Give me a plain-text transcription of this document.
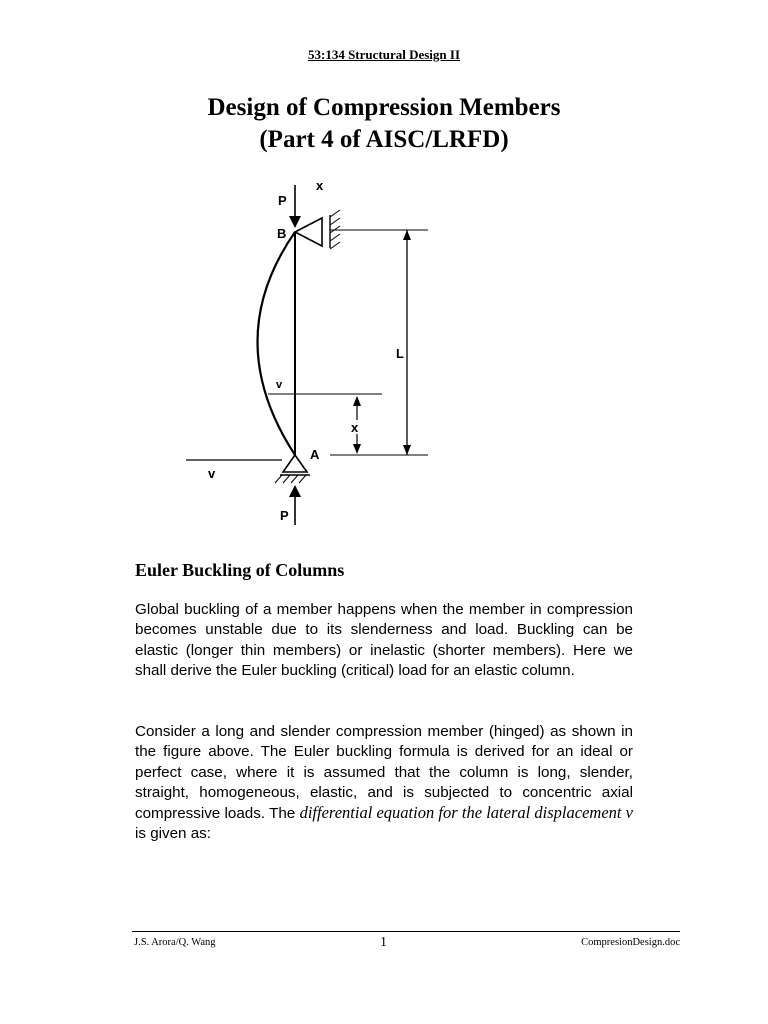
53:134 Structural Design II
Design of Compression Members
(Part 4 of AISC/LRFD)
P
x
B
L
v
x
A
v
P
Euler Buckling of Columns
Global buckling of a member happens when the member in compression becomes unstable due to its slenderness and load. Buckling can be elastic (longer thin members) or inelastic (shorter members). Here we shall derive the Euler buckling (critical) load for an elastic column.
Consider a long and slender compression member (hinged) as shown in the figure above. The Euler buckling formula is derived for an ideal or perfect case, where it is assumed that the column is long, slender, straight, homogeneous, elastic, and is subjected to concentric axial compressive loads. The differential equation for the lateral displacement v is given as:
J.S. Arora/Q. Wang	1	CompresionDesign.doc
